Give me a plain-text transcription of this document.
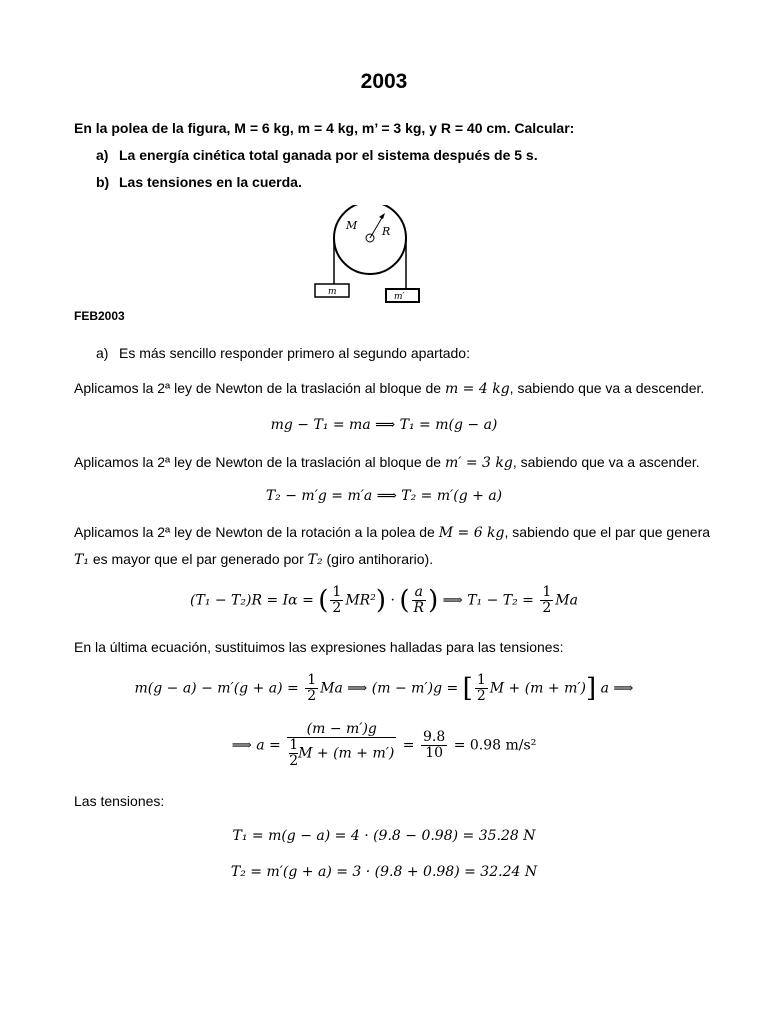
2003
En la polea de la figura, M = 6 kg, m = 4 kg, m’ = 3 kg, y R = 40 cm. Calcular:
a) La energía cinética total ganada por el sistema después de 5 s.
b) Las tensiones en la cuerda.
M R
m	m′
FEB2003
a) Es más sencillo responder primero al segundo apartado:
Aplicamos la 2ª ley de Newton de la traslación al bloque de m = 4 kg, sabiendo que va a descender.
mg − T₁ = ma ⟹ T₁ = m(g − a)
Aplicamos la 2ª ley de Newton de la traslación al bloque de m′ = 3 kg, sabiendo que va a ascender.
T₂ − m′g = m′a ⟹ T₂ = m′(g + a)
Aplicamos la 2ª ley de Newton de la rotación a la polea de M = 6 kg, sabiendo que el par que genera
T₁ es mayor que el par generado por T₂ (giro antihorario).
(T₁ − T₂)R = Iα = ( $\frac{1}{2} MR^2$) · ( $\frac{a}{R}$ ) ⟹ $T_1 - T_2 = \frac{1}{2}$ Ma
En la última ecuación, sustituimos las expresiones halladas para las tensiones:
$m(g - a) - m'(g + a) = \frac{1}{2}$ Ma ⟹ (m − m′)g = [ $\frac{1}{2}$ M + (m + m′)] a ⟹
⟹ $a = \frac{(m - m')g}{\frac{1}{2} M + (m + m')} = \frac{9.8}{10} = 0.98$ m/s²
Las tensiones:
T₁ = m(g − a) = 4 · (9.8 − 0.98) = 35.28 N
T₂ = m′(g + a) = 3 · (9.8 + 0.98) = 32.24 N
